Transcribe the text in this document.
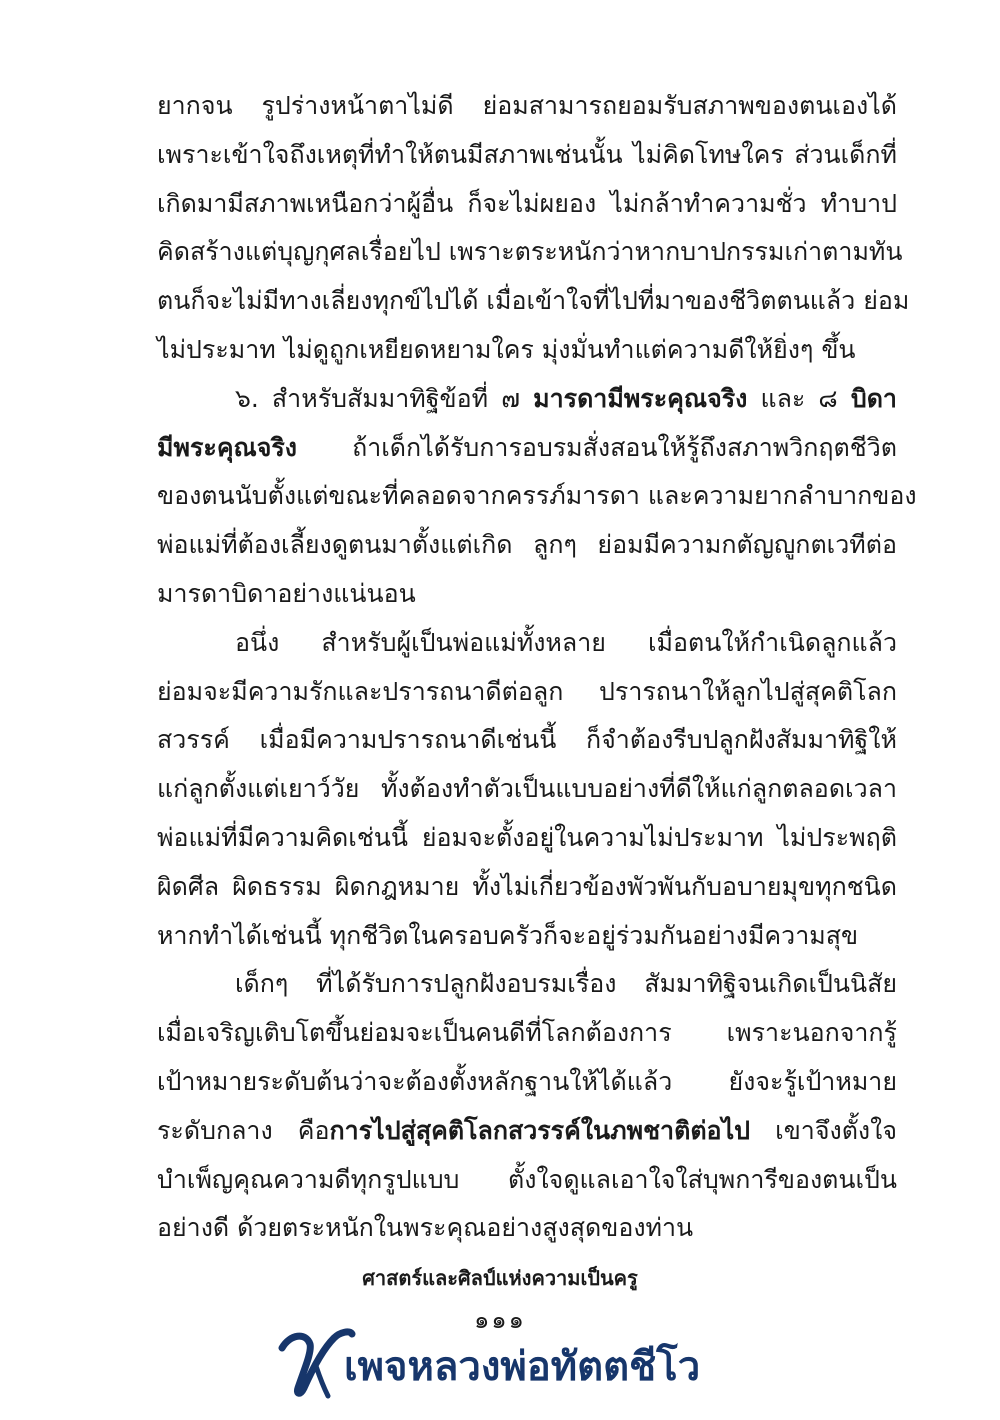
ยากจน รูปร่างหน้าตาไม่ดี ย่อมสามารถยอมรับสภาพของตนเองได้
เพราะเข้าใจถึงเหตุที่ทำให้ตนมีสภาพเช่นนั้น ไม่คิดโทษใคร ส่วนเด็กที่
เกิดมามีสภาพเหนือกว่าผู้อื่น ก็จะไม่ผยอง ไม่กล้าทำความชั่ว ทำบาป
คิดสร้างแต่บุญกุศลเรื่อยไป เพราะตระหนักว่าหากบาปกรรมเก่าตามทัน
ตนก็จะไม่มีทางเลี่ยงทุกข์ไปได้ เมื่อเข้าใจที่ไปที่มาของชีวิตตนแล้ว ย่อม
ไม่ประมาท ไม่ดูถูกเหยียดหยามใคร มุ่งมั่นทำแต่ความดีให้ยิ่งๆ ขึ้น
๖. สำหรับสัมมาทิฐิข้อที่ ๗ มารดามีพระคุณจริง และ ๘ บิดา
มีพระคุณจริง ถ้าเด็กได้รับการอบรมสั่งสอนให้รู้ถึงสภาพวิกฤตชีวิต
ของตนนับตั้งแต่ขณะที่คลอดจากครรภ์มารดา และความยากลำบากของ
พ่อแม่ที่ต้องเลี้ยงดูตนมาตั้งแต่เกิด ลูกๆ ย่อมมีความกตัญญูกตเวทีต่อ
มารดาบิดาอย่างแน่นอน
อนึ่ง สำหรับผู้เป็นพ่อแม่ทั้งหลาย เมื่อตนให้กำเนิดลูกแล้ว
ย่อมจะมีความรักและปรารถนาดีต่อลูก ปรารถนาให้ลูกไปสู่สุคติโลก
สวรรค์ เมื่อมีความปรารถนาดีเช่นนี้ ก็จำต้องรีบปลูกฝังสัมมาทิฐิให้
แก่ลูกตั้งแต่เยาว์วัย ทั้งต้องทำตัวเป็นแบบอย่างที่ดีให้แก่ลูกตลอดเวลา
พ่อแม่ที่มีความคิดเช่นนี้ ย่อมจะตั้งอยู่ในความไม่ประมาท ไม่ประพฤติ
ผิดศีล ผิดธรรม ผิดกฎหมาย ทั้งไม่เกี่ยวข้องพัวพันกับอบายมุขทุกชนิด
หากทำได้เช่นนี้ ทุกชีวิตในครอบครัวก็จะอยู่ร่วมกันอย่างมีความสุข
เด็กๆ ที่ได้รับการปลูกฝังอบรมเรื่อง สัมมาทิฐิจนเกิดเป็นนิสัย
เมื่อเจริญเติบโตขึ้นย่อมจะเป็นคนดีที่โลกต้องการ เพราะนอกจากรู้
เป้าหมายระดับต้นว่าจะต้องตั้งหลักฐานให้ได้แล้ว ยังจะรู้เป้าหมาย
ระดับกลาง คือการไปสู่สุคติโลกสวรรค์ในภพชาติต่อไป เขาจึงตั้งใจ
บำเพ็ญคุณความดีทุกรูปแบบ ตั้งใจดูแลเอาใจใส่บุพการีของตนเป็น
อย่างดี ด้วยตระหนักในพระคุณอย่างสูงสุดของท่าน
ศาสตร์และศิลป์แห่งความเป็นครู
๑๑๑
เพจหลวงพ่อทัตตชีโว
